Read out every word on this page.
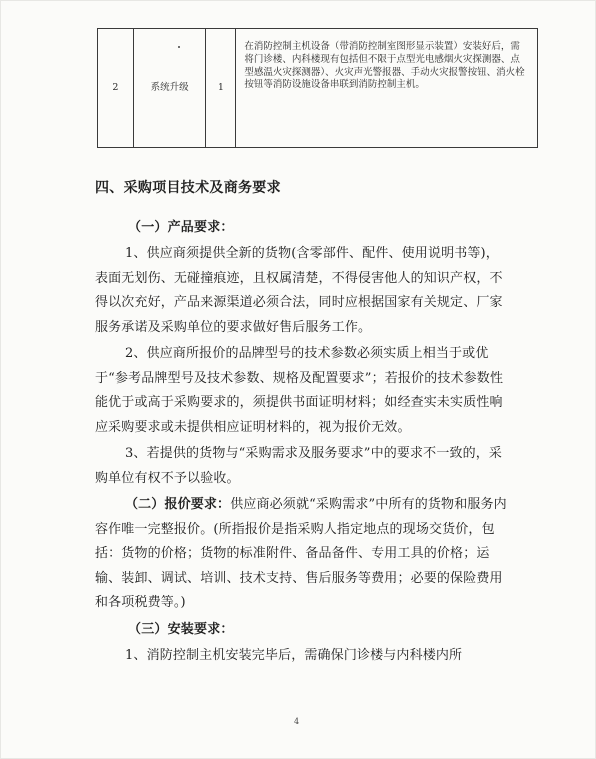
2	系统升级	1
在消防控制主机设备（带消防控制室图形显示装置）安装好后，需将门诊楼、内科楼现有包括但不限于点型光电感烟火灾探测器、点型感温火灾探测器）、火灾声光警报器、手动火灾报警按钮、消火栓按钮等消防设施设备串联到消防控制主机。
四、采购项目技术及商务要求
（一）产品要求：

1、供应商须提供全新的货物(含零部件、配件、使用说明书等)，表面无划伤、无碰撞痕迹，且权属清楚，不得侵害他人的知识产权，不得以次充好，产品来源渠道必须合法，同时应根据国家有关规定、厂家服务承诺及采购单位的要求做好售后服务工作。

2、供应商所报价的品牌型号的技术参数必须实质上相当于或优于“参考品牌型号及技术参数、规格及配置要求”；若报价的技术参数性能优于或高于采购要求的，须提供书面证明材料；如经查实未实质性响应采购要求或未提供相应证明材料的，视为报价无效。

3、若提供的货物与“采购需求及服务要求”中的要求不一致的，采购单位有权不予以验收。

（二）报价要求：供应商必须就“采购需求”中所有的货物和服务内容作唯一完整报价。(所指报价是指采购人指定地点的现场交货价，包括：货物的价格；货物的标准附件、备品备件、专用工具的价格；运输、装卸、调试、培训、技术支持、售后服务等费用；必要的保险费用和各项税费等。)

（三）安装要求：

1、消防控制主机安装完毕后，需确保门诊楼与内科楼内所

4
